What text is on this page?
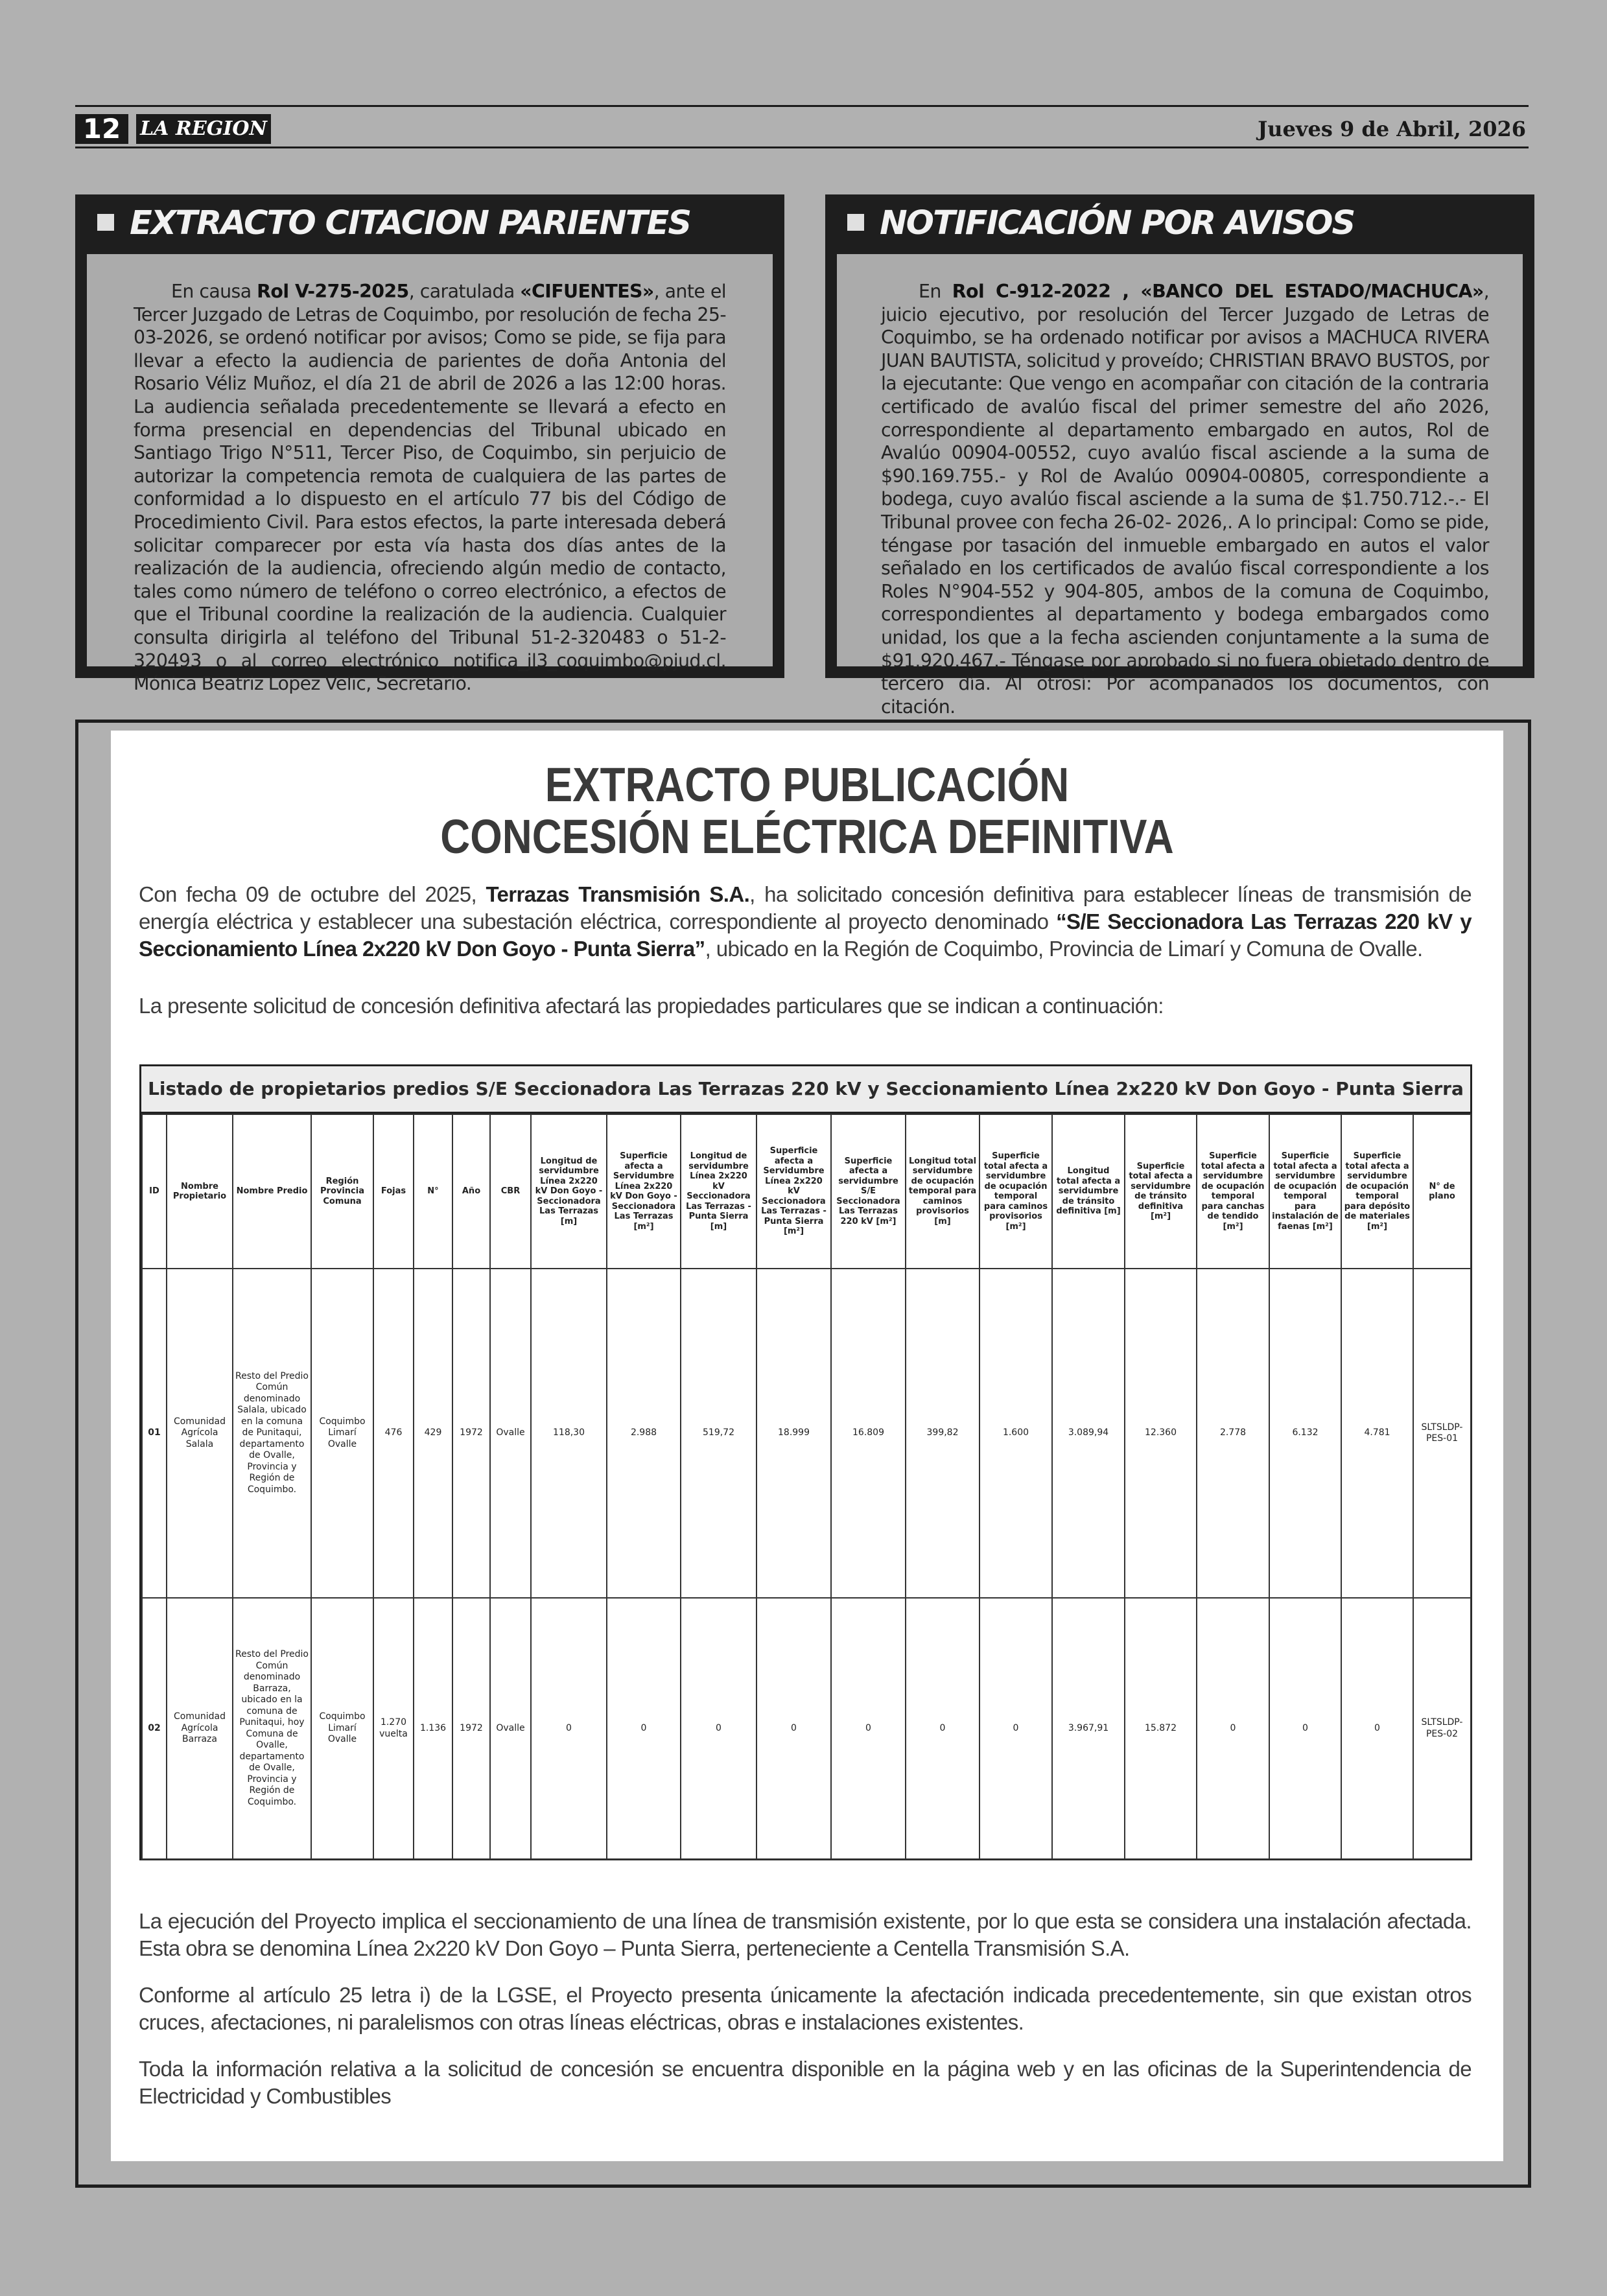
12 LA REGION	Jueves 9 de Abril, 2026
EXTRACTO CITACION PARIENTES
En causa Rol V-275-2025, caratulada «CIFUENTES», ante el Tercer Juzgado de Letras de Coquimbo, por resolución de fecha 25-03-2026, se ordenó notificar por avisos; Como se pide, se fija para llevar a efecto la audiencia de parientes de doña Antonia del Rosario Véliz Muñoz, el día 21 de abril de 2026 a las 12:00 horas. La audiencia señalada precedentemente se llevará a efecto en forma presencial en dependencias del Tribunal ubicado en Santiago Trigo N°511, Tercer Piso, de Coquimbo, sin perjuicio de autorizar la competencia remota de cualquiera de las partes de conformidad a lo dispuesto en el artículo 77 bis del Código de Procedimiento Civil. Para estos efectos, la parte interesada deberá solicitar comparecer por esta vía hasta dos días antes de la realización de la audiencia, ofreciendo algún medio de contacto, tales como número de teléfono o correo electrónico, a efectos de que el Tribunal coordine la realización de la audiencia. Cualquier consulta dirigirla al teléfono del Tribunal 51-2-320483 o 51-2-320493 o al correo electrónico notifica_jl3_coquimbo@pjud.cl. Mónica Beatriz Lopez Velic, Secretario.
NOTIFICACIÓN POR AVISOS
En Rol C-912-2022 , «BANCO DEL ESTADO/MACHUCA», juicio ejecutivo, por resolución del Tercer Juzgado de Letras de Coquimbo, se ha ordenado notificar por avisos a MACHUCA RIVERA JUAN BAUTISTA, solicitud y proveído; CHRISTIAN BRAVO BUSTOS, por la ejecutante: Que vengo en acompañar con citación de la contraria certificado de avalúo fiscal del primer semestre del año 2026, correspondiente al departamento embargado en autos, Rol de Avalúo 00904-00552, cuyo avalúo fiscal asciende a la suma de $90.169.755.- y Rol de Avalúo 00904-00805, correspondiente a bodega, cuyo avalúo fiscal asciende a la suma de $1.750.712.-.- El Tribunal provee con fecha 26-02- 2026,. A lo principal: Como se pide, téngase por tasación del inmueble embargado en autos el valor señalado en los certificados de avalúo fiscal correspondiente a los Roles N°904-552 y 904-805, ambos de la comuna de Coquimbo, correspondientes al departamento y bodega embargados como unidad, los que a la fecha ascienden conjuntamente a la suma de $91.920.467.- Téngase por aprobado si no fuera objetado dentro de tercero día. Al otrosí: Por acompañados los documentos, con citación.
EXTRACTO PUBLICACIÓN
CONCESIÓN ELÉCTRICA DEFINITIVA
Con fecha 09 de octubre del 2025, Terrazas Transmisión S.A., ha solicitado concesión definitiva para establecer líneas de transmisión de energía eléctrica y establecer una subestación eléctrica, correspondiente al proyecto denominado “S/E Seccionadora Las Terrazas 220 kV y Seccionamiento Línea 2x220 kV Don Goyo - Punta Sierra”, ubicado en la Región de Coquimbo, Provincia de Limarí y Comuna de Ovalle.
La presente solicitud de concesión definitiva afectará las propiedades particulares que se indican a continuación:
Listado de propietarios predios S/E Seccionadora Las Terrazas 220 kV y Seccionamiento Línea 2x220 kV Don Goyo - Punta Sierra
ID	Nombre Propietario	Nombre Predio	Región Provincia Comuna	Fojas	N°	Año	CBR	Longitud de servidumbre Línea 2x220 kV Don Goyo - Seccionadora Las Terrazas [m]	Superficie afecta a Servidumbre Línea 2x220 kV Don Goyo - Seccionadora Las Terrazas [m²]	Longitud de servidumbre Línea 2x220 kV Seccionadora Las Terrazas - Punta Sierra [m]	Superficie afecta a Servidumbre Línea 2x220 kV Seccionadora Las Terrazas - Punta Sierra [m²]	Superficie afecta a servidumbre S/E Seccionadora Las Terrazas 220 kV [m²]	Longitud total servidumbre de ocupación temporal para caminos provisorios [m]	Superficie total afecta a servidumbre de ocupación temporal para caminos provisorios [m²]	Longitud total afecta a servidumbre de tránsito definitiva [m]	Superficie total afecta a servidumbre de tránsito definitiva [m²]	Superficie total afecta a servidumbre de ocupación temporal para canchas de tendido [m²]	Superficie total afecta a servidumbre de ocupación temporal para instalación de faenas [m²]	Superficie total afecta a servidumbre de ocupación temporal para depósito de materiales [m²]	N° de plano
01	Comunidad Agrícola Salala	Resto del Predio Común denominado Salala, ubicado en la comuna de Punitaqui, departamento de Ovalle, Provincia y Región de Coquimbo.	Coquimbo Limarí Ovalle	476	429	1972	Ovalle	118,30	2.988	519,72	18.999	16.809	399,82	1.600	3.089,94	12.360	2.778	6.132	4.781	SLTSLDP-PES-01
02	Comunidad Agrícola Barraza	Resto del Predio Común denominado Barraza, ubicado en la comuna de Punitaqui, hoy Comuna de Ovalle, departamento de Ovalle, Provincia y Región de Coquimbo.	Coquimbo Limarí Ovalle	1.270 vuelta	1.136	1972	Ovalle	0	0	0	0	0	0	0	3.967,91	15.872	0	0	0	SLTSLDP-PES-02
La ejecución del Proyecto implica el seccionamiento de una línea de transmisión existente, por lo que esta se considera una instalación afectada. Esta obra se denomina Línea 2x220 kV Don Goyo – Punta Sierra, perteneciente a Centella Transmisión S.A.
Conforme al artículo 25 letra i) de la LGSE, el Proyecto presenta únicamente la afectación indicada precedentemente, sin que existan otros cruces, afectaciones, ni paralelismos con otras líneas eléctricas, obras e instalaciones existentes.
Toda la información relativa a la solicitud de concesión se encuentra disponible en la página web y en las oficinas de la Superintendencia de Electricidad y Combustibles
